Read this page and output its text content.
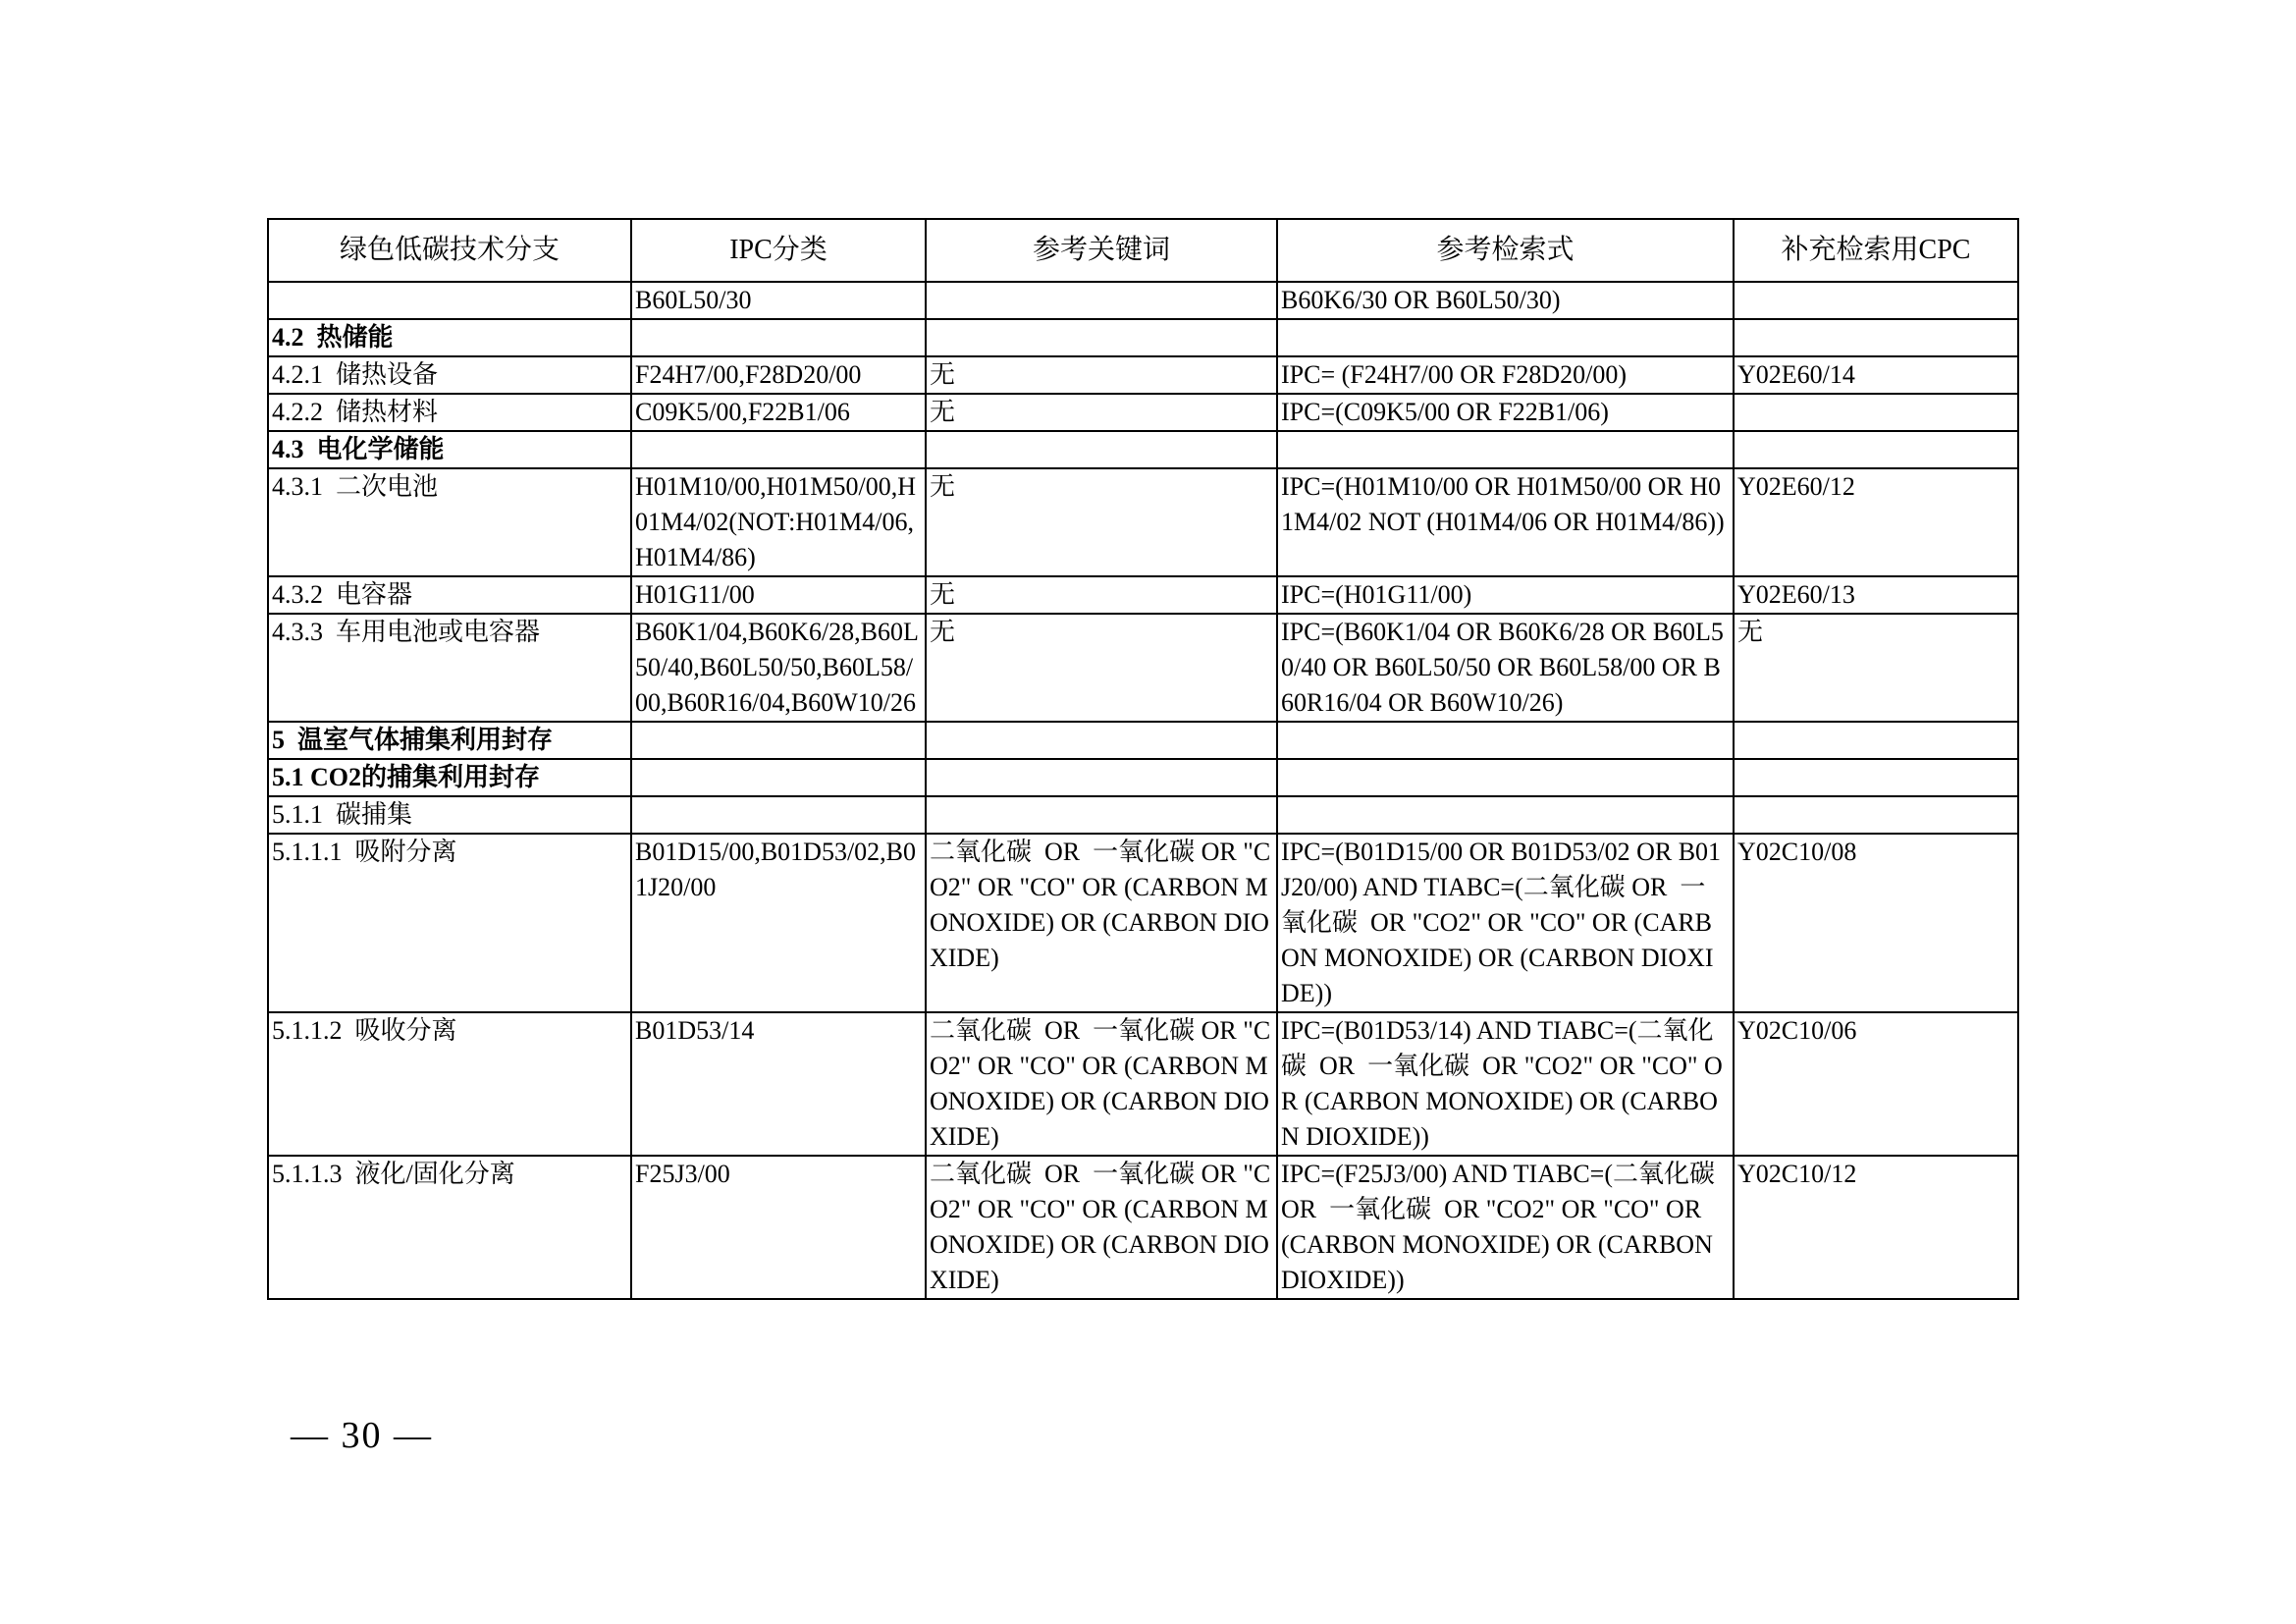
绿色低碳技术分支	IPC分类	参考关键词	参考检索式	补充检索用CPC
	B60L50/30		B60K6/30 OR B60L50/30)	
4.2  热储能				
4.2.1  储热设备	F24H7/00,F28D20/00	无	IPC= (F24H7/00 OR F28D20/00)	Y02E60/14
4.2.2  储热材料	C09K5/00,F22B1/06	无	IPC=(C09K5/00 OR F22B1/06)	
4.3  电化学储能				
4.3.1  二次电池	H01M10/00,H01M50/00,H01M4/02(NOT:H01M4/06,H01M4/86)	无	IPC=(H01M10/00 OR H01M50/00 OR H01M4/02 NOT (H01M4/06 OR H01M4/86))	Y02E60/12
4.3.2  电容器	H01G11/00	无	IPC=(H01G11/00)	Y02E60/13
4.3.3  车用电池或电容器	B60K1/04,B60K6/28,B60L50/40,B60L50/50,B60L58/00,B60R16/04,B60W10/26	无	IPC=(B60K1/04 OR B60K6/28 OR B60L50/40 OR B60L50/50 OR B60L58/00 OR B60R16/04 OR B60W10/26)	无
5  温室气体捕集利用封存				
5.1 CO2的捕集利用封存				
5.1.1  碳捕集				
5.1.1.1  吸附分离	B01D15/00,B01D53/02,B01J20/00	二氧化碳  OR  一氧化碳 OR "CO2" OR "CO" OR (CARBON MONOXIDE) OR (CARBON DIOXIDE)	IPC=(B01D15/00 OR B01D53/02 OR B01J20/00) AND TIABC=(二氧化碳 OR  一氧化碳  OR "CO2" OR "CO" OR (CARBON MONOXIDE) OR (CARBON DIOXIDE))	Y02C10/08
5.1.1.2  吸收分离	B01D53/14	二氧化碳  OR  一氧化碳 OR "CO2" OR "CO" OR (CARBON MONOXIDE) OR (CARBON DIOXIDE)	IPC=(B01D53/14) AND TIABC=(二氧化碳  OR  一氧化碳  OR "CO2" OR "CO" OR (CARBON MONOXIDE) OR (CARBON DIOXIDE))	Y02C10/06
5.1.1.3  液化/固化分离	F25J3/00	二氧化碳  OR  一氧化碳 OR "CO2" OR "CO" OR (CARBON MONOXIDE) OR (CARBON DIOXIDE)	IPC=(F25J3/00) AND TIABC=(二氧化碳  OR  一氧化碳  OR "CO2" OR "CO" OR (CARBON MONOXIDE) OR (CARBON DIOXIDE))	Y02C10/12
— 30 —
